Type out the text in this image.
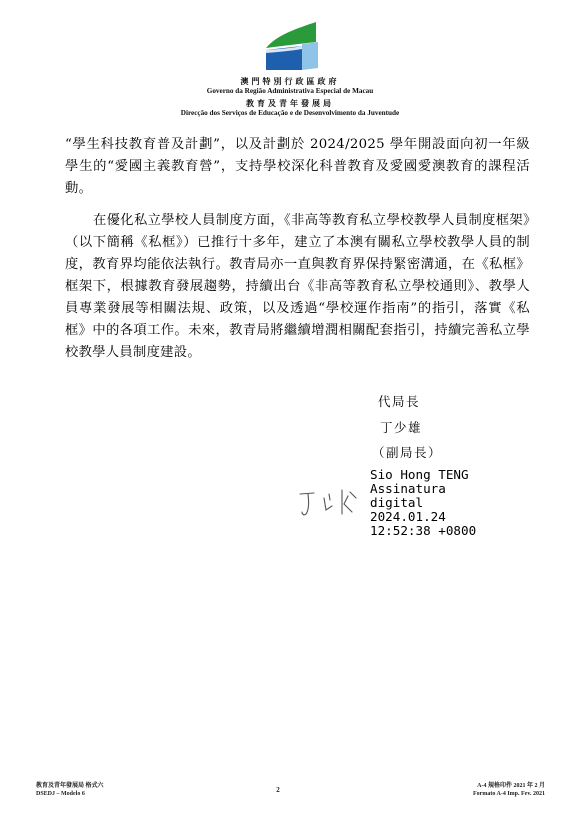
澳門特別行政區政府
Governo da Região Administrativa Especial de Macau
教育及青年發展局
Direcção dos Serviços de Educação e de Desenvolvimento da Juventude

“學生科技教育普及計劃”，以及計劃於 2024/2025 學年開設面向初一年級學生的“愛國主義教育營”，支持學校深化科普教育及愛國愛澳教育的課程活動。

在優化私立學校人員制度方面，《非高等教育私立學校教學人員制度框架》（以下簡稱《私框》）已推行十多年，建立了本澳有關私立學校教學人員的制度，教育界均能依法執行。教青局亦一直與教育界保持緊密溝通，在《私框》框架下，根據教育發展趨勢，持續出台《非高等教育私立學校通則》、教學人員專業發展等相關法規、政策，以及透過“學校運作指南”的指引，落實《私框》中的各項工作。未來，教青局將繼續增潤相關配套指引，持續完善私立學校教學人員制度建設。

代局長
丁少雄
（副局長）
Sio Hong TENG
Assinatura
digital
2024.01.24
12:52:38 +0800
教育及青年發展局 格式六
DSEDJ – Modelo 6	2	A-4 規格印件 2021 年 2 月
Formato A-4 Imp. Fev. 2021
